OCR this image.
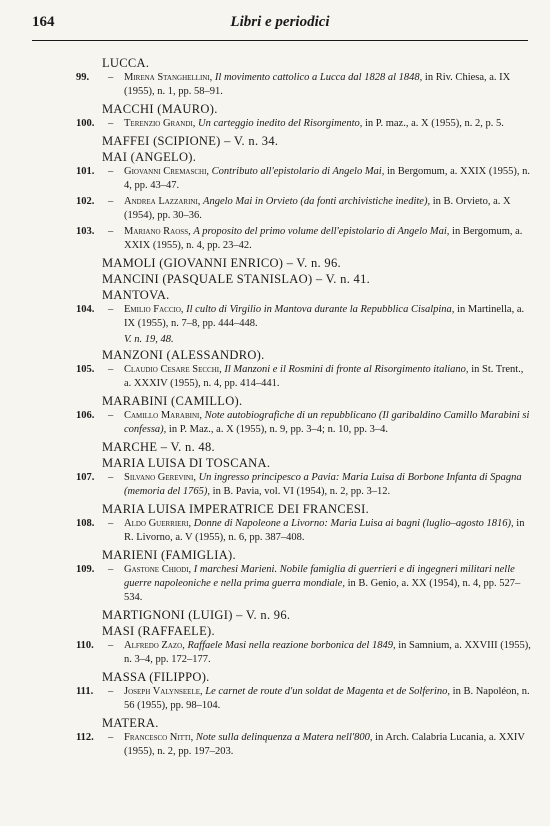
164	Libri e periodici
LUCCA.
99. – Mirena Stanghellini, Il movimento cattolico a Lucca dal 1828 al 1848, in Riv. Chiesa, a. IX (1955), n. 1, pp. 58–91.
MACCHI (MAURO).
100. – Terenzio Grandi, Un carteggio inedito del Risorgimento, in P. maz., a. X (1955), n. 2, p. 5.
MAFFEI (SCIPIONE) – V. n. 34.
MAI (ANGELO).
101. – Giovanni Cremaschi, Contributo all'epistolario di Angelo Mai, in Bergomum, a. XXIX (1955), n. 4, pp. 43–47.
102. – Andrea Lazzarini, Angelo Mai in Orvieto (da fonti archivistiche inedite), in B. Orvieto, a. X (1954), pp. 30–36.
103. – Mariano Raoss, A proposito del primo volume dell'epistolario di Angelo Mai, in Bergomum, a. XXIX (1955), n. 4, pp. 23–42.
MAMOLI (GIOVANNI ENRICO) – V. n. 96.
MANCINI (PASQUALE STANISLAO) – V. n. 41.
MANTOVA.
104. – Emilio Faccio, Il culto di Virgilio in Mantova durante la Repubblica Cisalpina, in Martinella, a. IX (1955), n. 7–8, pp. 444–448.
V. n. 19, 48.
MANZONI (ALESSANDRO).
105. – Claudio Cesare Secchi, Il Manzoni e il Rosmini di fronte al Risorgimento italiano, in St. Trent., a. XXXIV (1955), n. 4, pp. 414–441.
MARABINI (CAMILLO).
106. – Camillo Marabini, Note autobiografiche di un repubblicano (Il garibaldino Camillo Marabini si confessa), in P. Maz., a. X (1955), n. 9, pp. 3–4; n. 10, pp. 3–4.
MARCHE – V. n. 48.
MARIA LUISA DI TOSCANA.
107. – Silvano Gerevini, Un ingresso principesco a Pavia: Maria Luisa di Borbone Infanta di Spagna (memoria del 1765), in B. Pavia, vol. VI (1954), n. 2, pp. 3–12.
MARIA LUISA IMPERATRICE DEI FRANCESI.
108. – Aldo Guerrieri, Donne di Napoleone a Livorno: Maria Luisa ai bagni (luglio–agosto 1816), in R. Livorno, a. V (1955), n. 6, pp. 387–408.
MARIENI (FAMIGLIA).
109. – Gastone Chiodi, I marchesi Marieni. Nobile famiglia di guerrieri e di ingegneri militari nelle guerre napoleoniche e nella prima guerra mondiale, in B. Genio, a. XX (1954), n. 4, pp. 527–534.
MARTIGNONI (LUIGI) – V. n. 96.
MASI (RAFFAELE).
110. – Alfredo Zazo, Raffaele Masi nella reazione borbonica del 1849, in Samnium, a. XXVIII (1955), n. 3–4, pp. 172–177.
MASSA (FILIPPO).
111. – Joseph Valynseele, Le carnet de route d'un soldat de Magenta et de Solferino, in B. Napoléon, n. 56 (1955), pp. 98–104.
MATERA.
112. – Francesco Nitti, Note sulla delinquenza a Matera nell'800, in Arch. Calabria Lucania, a. XXIV (1955), n. 2, pp. 197–203.
